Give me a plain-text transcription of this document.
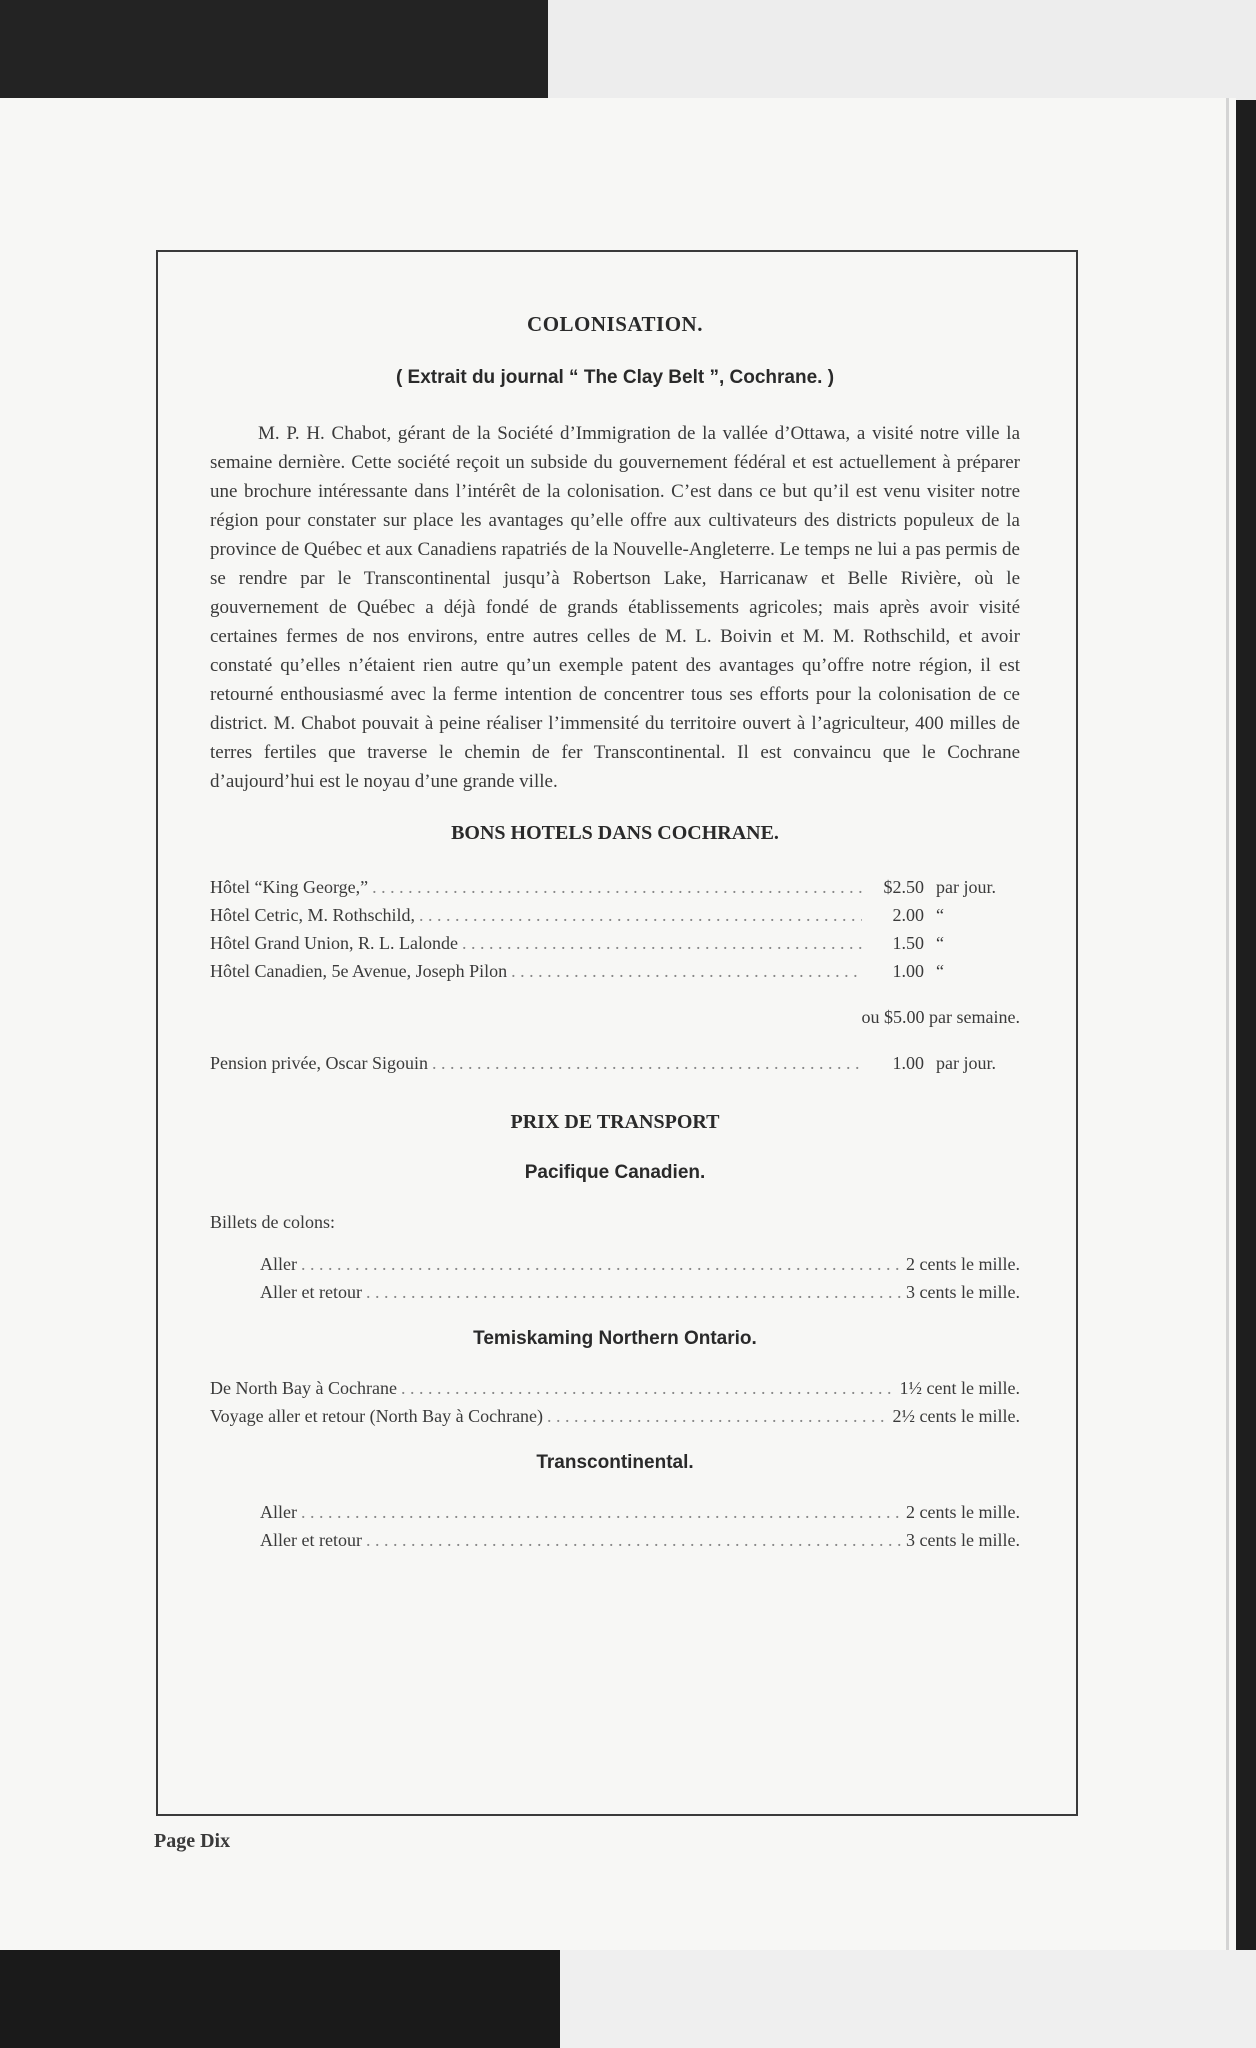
COLONISATION.
( Extrait du journal “ The Clay Belt ”, Cochrane. )

M. P. H. Chabot, gérant de la Société d’Immigration de la vallée d’Ottawa, a visité notre ville la semaine dernière. Cette société reçoit un subside du gouvernement fédéral et est actuellement à préparer une brochure intéressante dans l’intérêt de la colonisation. C’est dans ce but qu’il est venu visiter notre région pour constater sur place les avantages qu’elle offre aux cultivateurs des districts populeux de la province de Québec et aux Canadiens rapatriés de la Nouvelle-Angleterre. Le temps ne lui a pas permis de se rendre par le Transcontinental jusqu’à Robertson Lake, Harricanaw et Belle Rivière, où le gouvernement de Québec a déjà fondé de grands établissements agricoles; mais après avoir visité certaines fermes de nos environs, entre autres celles de M. L. Boivin et M. M. Rothschild, et avoir constaté qu’elles n’étaient rien autre qu’un exemple patent des avantages qu’offre notre région, il est retourné enthousiasmé avec la ferme intention de concentrer tous ses efforts pour la colonisation de ce district. M. Chabot pouvait à peine réaliser l’immensité du territoire ouvert à l’agriculteur, 400 milles de terres fertiles que traverse le chemin de fer Transcontinental. Il est convaincu que le Cochrane d’aujourd’hui est le noyau d’une grande ville.

BONS HOTELS DANS COCHRANE.
Hôtel “King George,” . . .	$2.50 par jour.
Hôtel Cetric, M. Rothschild, . . .	2.00 “
Hôtel Grand Union, R. L. Lalonde . . .	1.50 “
Hôtel Canadien, 5e Avenue, Joseph Pilon . . .	1.00 “
ou $5.00 par semaine.
Pension privée, Oscar Sigouin . . .	1.00 par jour.
PRIX DE TRANSPORT
Pacifique Canadien.
Billets de colons:
Aller . . .	2 cents le mille.
Aller et retour . . .	3 cents le mille.
Temiskaming Northern Ontario.
De North Bay à Cochrane . . .	1½ cent le mille.
Voyage aller et retour (North Bay à Cochrane) . . .	2½ cents le mille.
Transcontinental.
Aller . . .	2 cents le mille.
Aller et retour . . .	3 cents le mille.
Page Dix
